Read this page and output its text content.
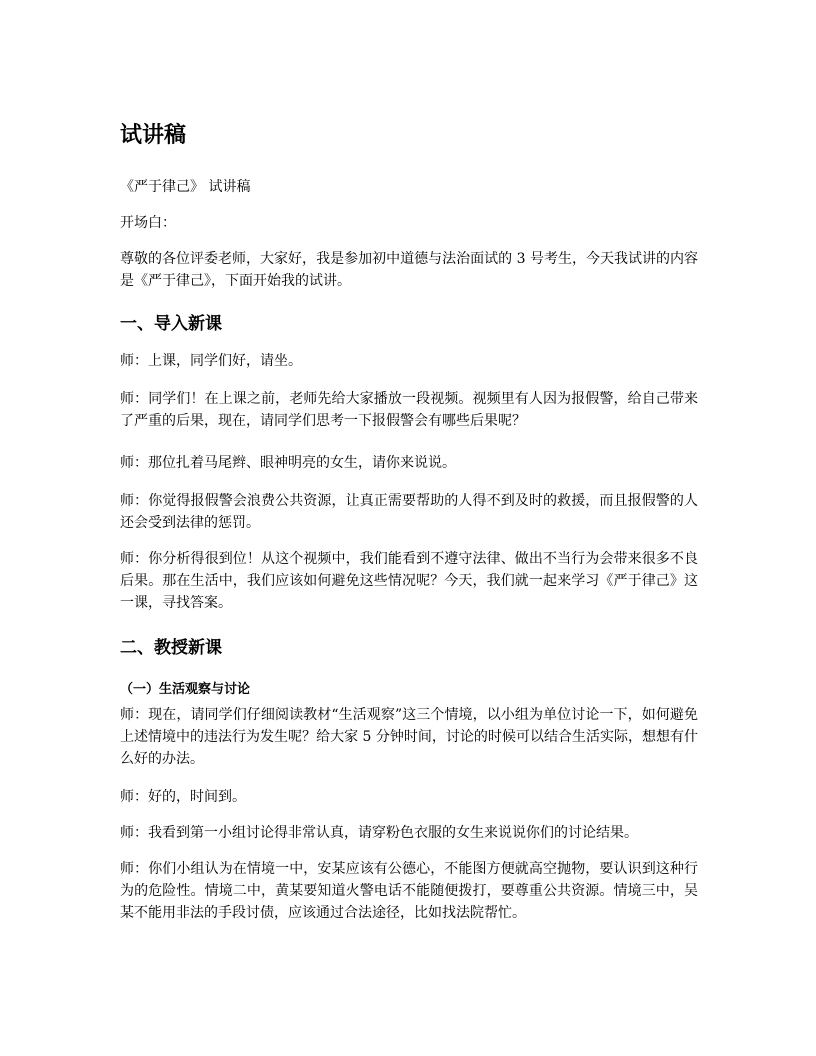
试讲稿

《严于律己》 试讲稿

开场白：

尊敬的各位评委老师，大家好，我是参加初中道德与法治面试的 3 号考生，今天我试讲的内容是《严于律己》，下面开始我的试讲。

一、导入新课

师：上课，同学们好，请坐。

师：同学们！在上课之前，老师先给大家播放一段视频。视频里有人因为报假警，给自己带来了严重的后果，现在，请同学们思考一下报假警会有哪些后果呢？

师：那位扎着马尾辫、眼神明亮的女生，请你来说说。

师：你觉得报假警会浪费公共资源，让真正需要帮助的人得不到及时的救援，而且报假警的人还会受到法律的惩罚。

师：你分析得很到位！从这个视频中，我们能看到不遵守法律、做出不当行为会带来很多不良后果。那在生活中，我们应该如何避免这些情况呢？今天，我们就一起来学习《严于律己》这一课，寻找答案。

二、教授新课
（一）生活观察与讨论

师：现在，请同学们仔细阅读教材“生活观察”这三个情境，以小组为单位讨论一下，如何避免上述情境中的违法行为发生呢？给大家 5 分钟时间，讨论的时候可以结合生活实际，想想有什么好的办法。

师：好的，时间到。

师：我看到第一小组讨论得非常认真，请穿粉色衣服的女生来说说你们的讨论结果。

师：你们小组认为在情境一中，安某应该有公德心，不能图方便就高空抛物，要认识到这种行为的危险性。情境二中，黄某要知道火警电话不能随便拨打，要尊重公共资源。情境三中，吴某不能用非法的手段讨债，应该通过合法途径，比如找法院帮忙。
